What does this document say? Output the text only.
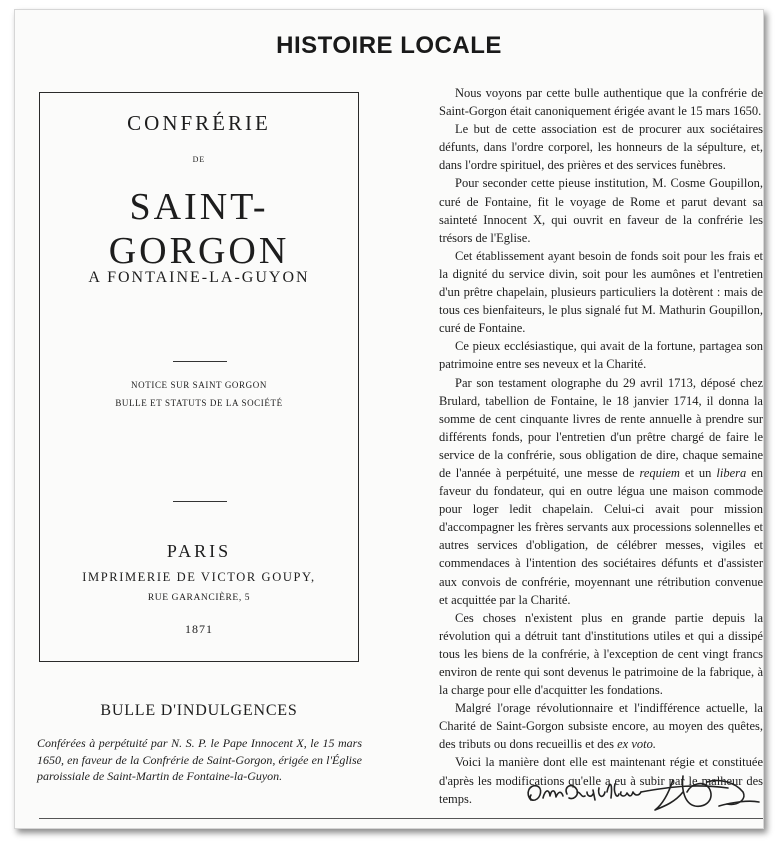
HISTOIRE LOCALE
CONFRÉRIE
DE
SAINT-GORGON
A FONTAINE-LA-GUYON
NOTICE SUR SAINT GORGON
BULLE ET STATUTS DE LA SOCIÉTÉ
PARIS
IMPRIMERIE DE VICTOR GOUPY,
RUE GARANCIÈRE, 5
1871
BULLE D'INDULGENCES

Conférées à perpétuité par N. S. P. le Pape Innocent X, le 15 mars 1650, en faveur de la Confrérie de Saint-Gorgon, érigée en l'Église paroissiale de Saint-Martin de Fontaine-la-Guyon.

Nous voyons par cette bulle authentique que la confrérie de Saint-Gorgon était canoniquement érigée avant le 15 mars 1650.

Le but de cette association est de procurer aux sociétaires défunts, dans l'ordre corporel, les honneurs de la sépulture, et, dans l'ordre spirituel, des prières et des services funèbres.

Pour seconder cette pieuse institution, M. Cosme Goupillon, curé de Fontaine, fit le voyage de Rome et parut devant sa sainteté Innocent X, qui ouvrit en faveur de la confrérie les trésors de l'Eglise.

Cet établissement ayant besoin de fonds soit pour les frais et la dignité du service divin, soit pour les aumônes et l'entretien d'un prêtre chapelain, plusieurs particuliers la dotèrent : mais de tous ces bienfaiteurs, le plus signalé fut M. Mathurin Goupillon, curé de Fontaine.

Ce pieux ecclésiastique, qui avait de la fortune, partagea son patrimoine entre ses neveux et la Charité.

Par son testament olographe du 29 avril 1713, déposé chez Brulard, tabellion de Fontaine, le 18 janvier 1714, il donna la somme de cent cinquante livres de rente annuelle à prendre sur différents fonds, pour l'entretien d'un prêtre chargé de faire le service de la confrérie, sous obligation de dire, chaque semaine de l'année à perpétuité, une messe de requiem et un libera en faveur du fondateur, qui en outre légua une maison commode pour loger ledit chapelain. Celui-ci avait pour mission d'accompagner les frères servants aux processions solennelles et autres services d'obligation, de célébrer messes, vigiles et commendaces à l'intention des sociétaires défunts et d'assister aux convois de confrérie, moyennant une rétribution convenue et acquittée par la Charité.

Ces choses n'existent plus en grande partie depuis la révolution qui a détruit tant d'institutions utiles et qui a dissipé tous les biens de la confrérie, à l'exception de cent vingt francs environ de rente qui sont devenus le patrimoine de la fabrique, à la charge pour elle d'acquitter les fondations.

Malgré l'orage révolutionnaire et l'indifférence actuelle, la Charité de Saint-Gorgon subsiste encore, au moyen des quêtes, des tributs ou dons recueillis et des ex voto.

Voici la manière dont elle est maintenant régie et constituée d'après les modifications qu'elle a eu à subir par le malheur des temps.
